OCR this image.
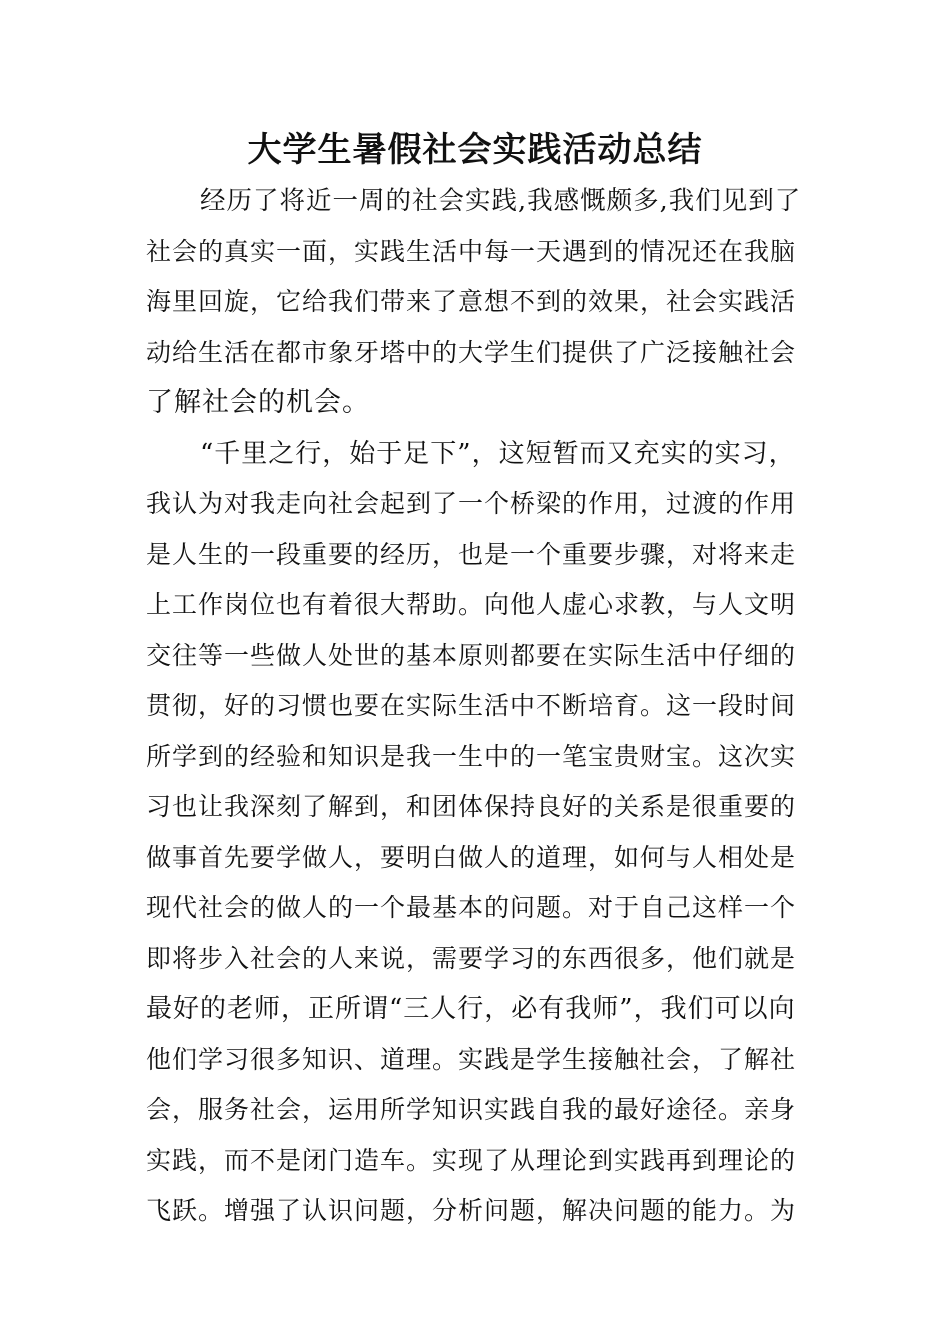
大学生暑假社会实践活动总结
经历了将近一周的社会实践,我感慨颇多,我们见到了
社会的真实一面，实践生活中每一天遇到的情况还在我脑
海里回旋，它给我们带来了意想不到的效果，社会实践活
动给生活在都市象牙塔中的大学生们提供了广泛接触社会
了解社会的机会。
“千里之行，始于足下”，这短暂而又充实的实习，
我认为对我走向社会起到了一个桥梁的作用，过渡的作用
是人生的一段重要的经历，也是一个重要步骤，对将来走
上工作岗位也有着很大帮助。向他人虚心求教，与人文明
交往等一些做人处世的基本原则都要在实际生活中仔细的
贯彻，好的习惯也要在实际生活中不断培育。这一段时间
所学到的经验和知识是我一生中的一笔宝贵财宝。这次实
习也让我深刻了解到，和团体保持良好的关系是很重要的
做事首先要学做人，要明白做人的道理，如何与人相处是
现代社会的做人的一个最基本的问题。对于自己这样一个
即将步入社会的人来说，需要学习的东西很多，他们就是
最好的老师，正所谓“三人行，必有我师”，我们可以向
他们学习很多知识、道理。实践是学生接触社会，了解社
会，服务社会，运用所学知识实践自我的最好途径。亲身
实践，而不是闭门造车。实现了从理论到实践再到理论的
飞跃。增强了认识问题，分析问题，解决问题的能力。为
